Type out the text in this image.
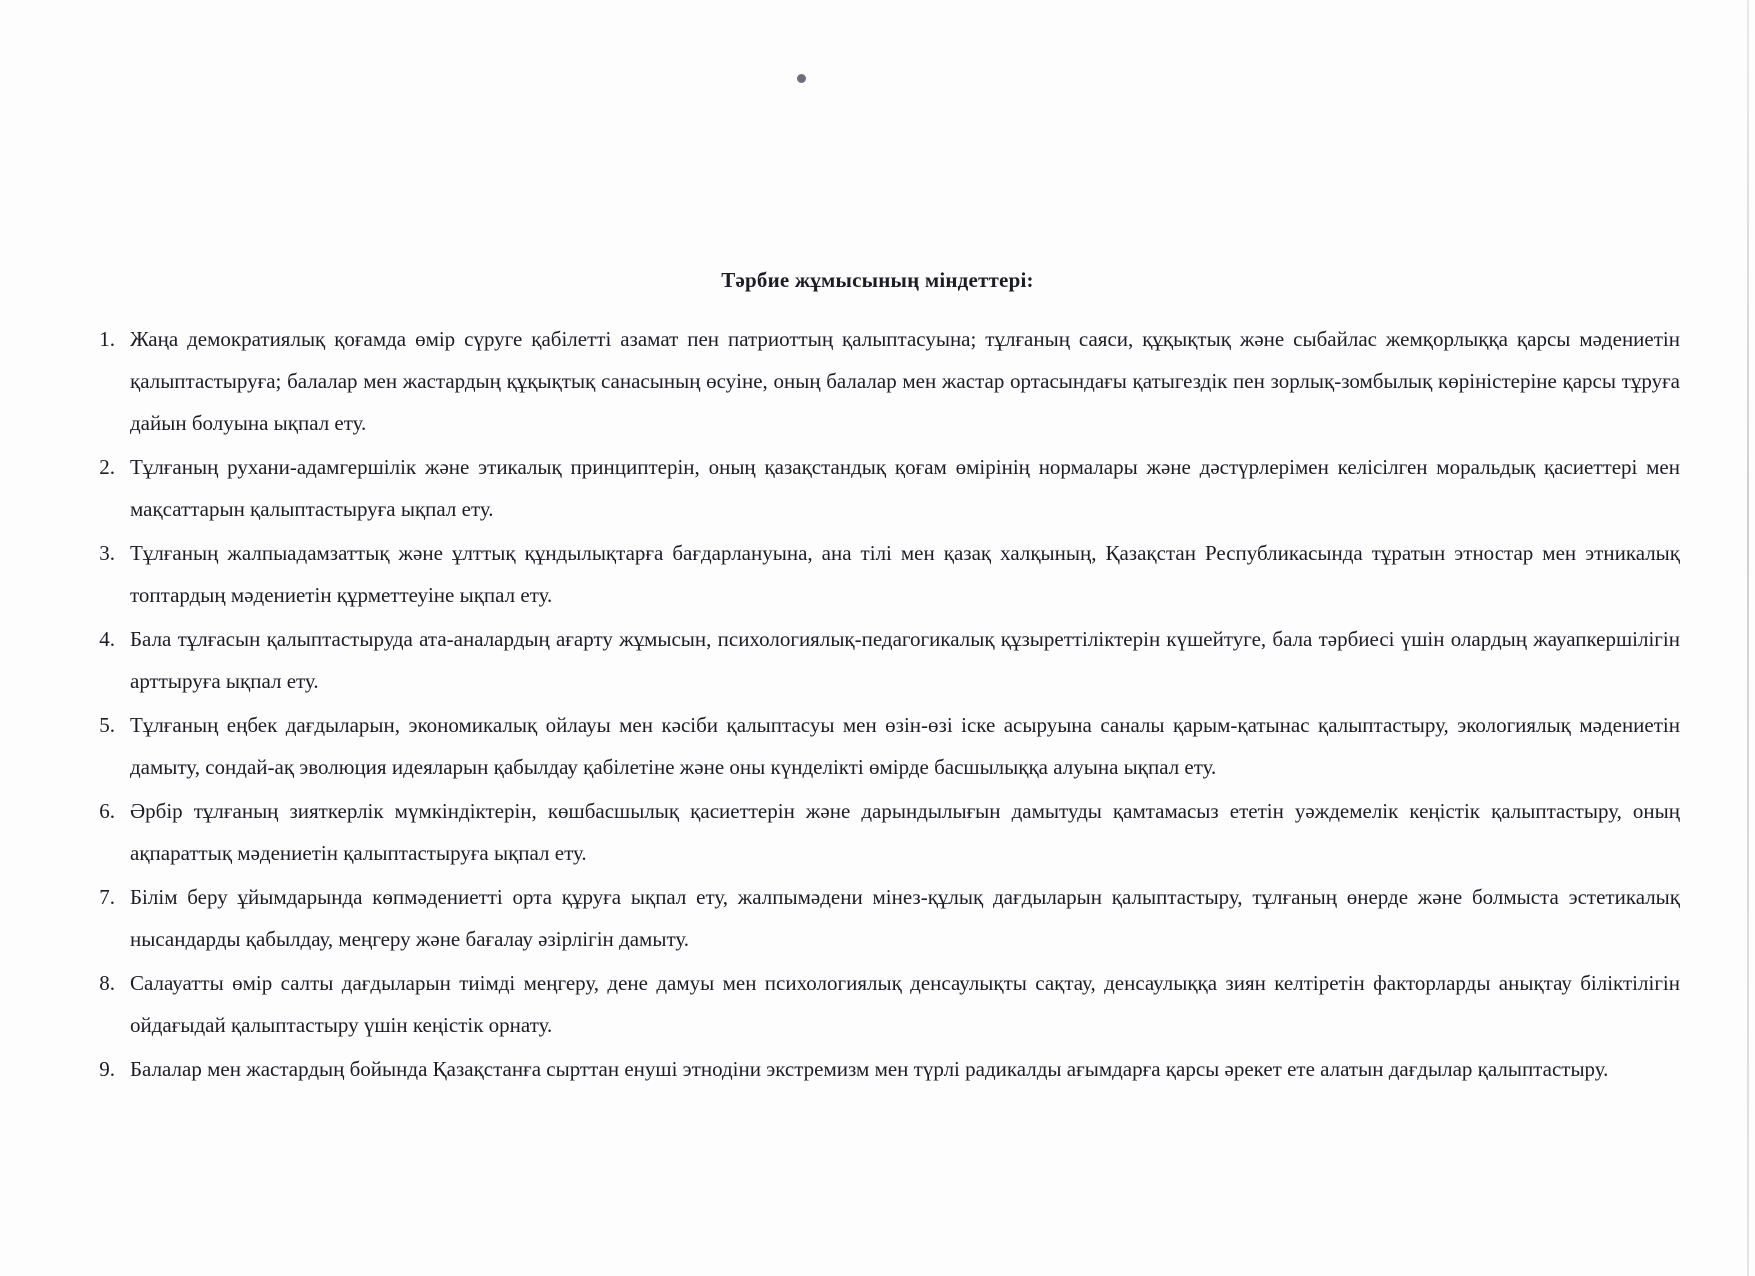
Тәрбие жұмысының міндеттері:
1. Жаңа демократиялық қоғамда өмір сүруге қабілетті азамат пен патриоттың қалыптасуына; тұлғаның саяси, құқықтық және сыбайлас жемқорлыққа қарсы мәдениетін қалыптастыруға; балалар мен жастардың құқықтық санасының өсуіне, оның балалар мен жастар ортасындағы қатыгездік пен зорлық-зомбылық көріністеріне қарсы тұруға дайын болуына ықпал ету.
2. Тұлғаның рухани-адамгершілік және этикалық принциптерін, оның қазақстандық қоғам өмірінің нормалары және дәстүрлерімен келісілген моральдық қасиеттері мен мақсаттарын қалыптастыруға ықпал ету.
3. Тұлғаның жалпыадамзаттық және ұлттық құндылықтарға бағдарлануына, ана тілі мен қазақ халқының, Қазақстан Республикасында тұратын этностар мен этникалық топтардың мәдениетін құрметтеуіне ықпал ету.
4. Бала тұлғасын қалыптастыруда ата-аналардың ағарту жұмысын, психологиялық-педагогикалық құзыреттіліктерін күшейтуге, бала тәрбиесі үшін олардың жауапкершілігін арттыруға ықпал ету.
5. Тұлғаның еңбек дағдыларын, экономикалық ойлауы мен кәсіби қалыптасуы мен өзін-өзі іске асыруына саналы қарым-қатынас қалыптастыру, экологиялық мәдениетін дамыту, сондай-ақ эволюция идеяларын қабылдау қабілетіне және оны күнделікті өмірде басшылыққа алуына ықпал ету.
6. Әрбір тұлғаның зияткерлік мүмкіндіктерін, көшбасшылық қасиеттерін және дарындылығын дамытуды қамтамасыз ететін уәждемелік кеңістік қалыптастыру, оның ақпараттық мәдениетін қалыптастыруға ықпал ету.
7. Білім беру ұйымдарында көпмәдениетті орта құруға ықпал ету, жалпымәдени мінез-құлық дағдыларын қалыптастыру, тұлғаның өнерде және болмыста эстетикалық нысандарды қабылдау, меңгеру және бағалау әзірлігін дамыту.
8. Салауатты өмір салты дағдыларын тиімді меңгеру, дене дамуы мен психологиялық денсаулықты сақтау, денсаулыққа зиян келтіретін факторларды анықтау біліктілігін ойдағыдай қалыптастыру үшін кеңістік орнату.
9. Балалар мен жастардың бойында Қазақстанға сырттан енуші этнодіни экстремизм мен түрлі радикалды ағымдарға қарсы әрекет ете алатын дағдылар қалыптастыру.
